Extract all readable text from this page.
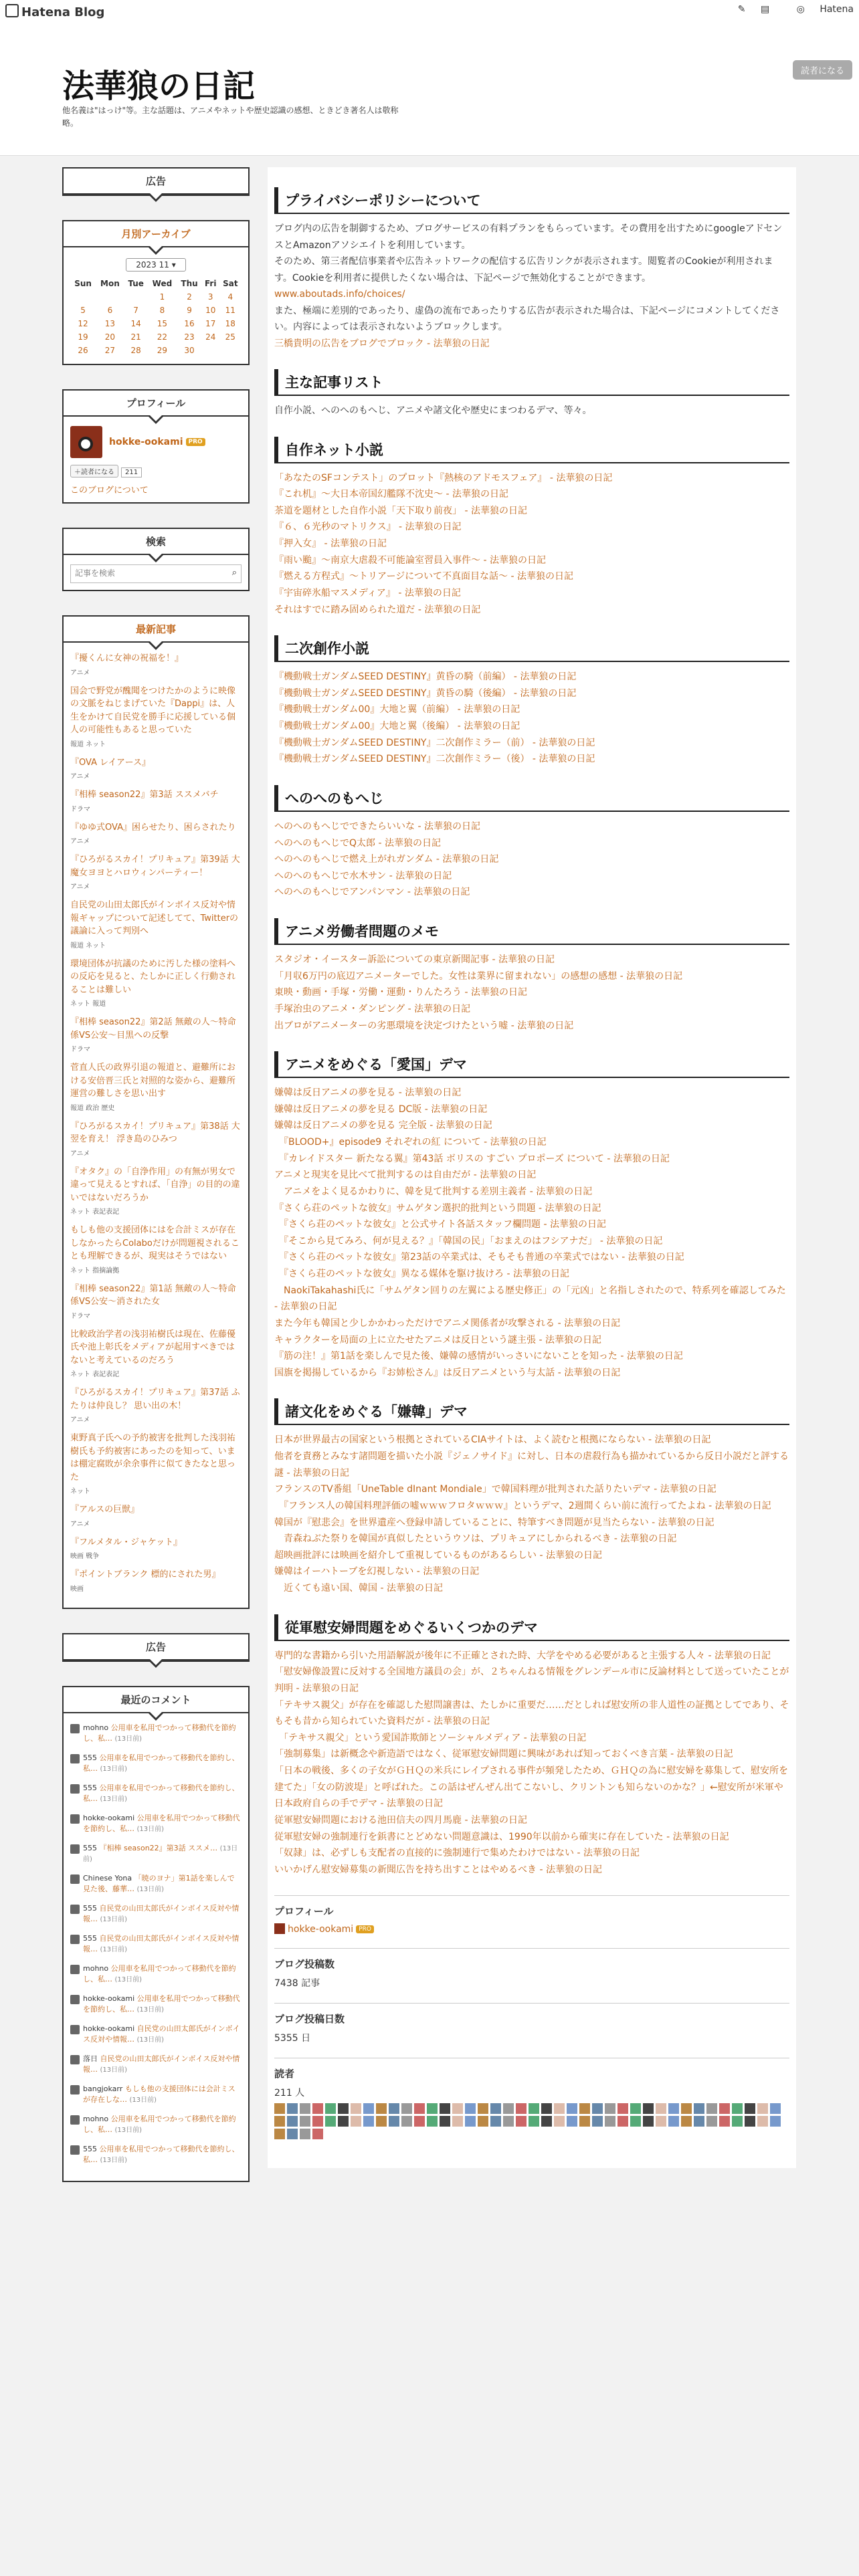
Hatena Blog	✎ ▤	◎ Hatena
法華狼の日記
他名義は"はっけ"等。主な話題は、アニメやネットや歴史認識の感想、ときどき著名人は敬称略。
読者になる
広告
月別アーカイブ
2023 11 ▾
Sun	Mon	Tue	Wed	Thu	Fri	Sat
			1	2	3	4
5	6	7	8	9	10	11
12	13	14	15	16	17	18
19	20	21	22	23	24	25
26	27	28	29	30		
プロフィール
hokke-ookami PRO
＋読者になる 211
このブログについて
検索
記事を検索
⌕
最新記事
『擾くんに女神の祝福を！』
アニメ
国会で野党が醜聞をつけたかのように映像の文脈をねじまげていた『Dappi』は、人生をかけて自民党を勝手に応援している個人の可能性もあると思っていた
報道 ネット
『OVA レイアース』
アニメ
『相棒 season22』第3話 ススメバチ
ドラマ
『ゆゆ式OVA』困らせたり、困らされたり
アニメ
『ひろがるスカイ！プリキュア』第39話 大魔女ヨヨとハロウィンパーティー！
アニメ
自民党の山田太郎氏がインボイス反対や情報ギャップについて記述してて、Twitterの議論に入って判別へ
報道 ネット
環境団体が抗議のために汚した様の塗料への反応を見ると、たしかに正しく行動されることは難しい
ネット 報道
『相棒 season22』第2話 無敵の人～特命係VS公安～目黒への反撃
ドラマ
菅直人氏の政界引退の報道と、避難所における安倍晋三氏と対照的な姿から、避難所運営の難しさを思い出す
報道 政治 歴史
『ひろがるスカイ！プリキュア』第38話 大翌を育え！ 浮き島のひみつ
アニメ
『オタク』の「自浄作用」の有無が男女で違って見えるとすれば、「自浄」の目的の違いではないだろうか
ネット 表記表記
もしも他の支援団体にはを合計ミスが存在しなかったらColaboだけが問題視されることも理解できるが、現実はそうではない
ネット 指摘論拠
『相棒 season22』第1話 無敵の人～特命係VS公安～消された女
ドラマ
比較政治学者の浅羽祐樹氏は現在、佐藤優氏や池上彰氏をメディアが起用すべきではないと考えているのだろう
ネット 表記表記
『ひろがるスカイ！プリキュア』第37話 ふたりは仲良し？ 思い出の木！
アニメ
東野真子氏への予約被害を批判した浅羽祐樹氏も予約被害にあったのを知って、いまは棚定腐敗が余余事件に似てきたなと思った
ネット
『アルスの巨獣』
アニメ
『フルメタル・ジャケット』
映画 戦争
『ポイントブランク 標的にされた男』
映画
広告
最近のコメント
mohno 公用車を私用でつかって移動代を節約し、私… (13日前)
555 公用車を私用でつかって移動代を節約し、私… (13日前)
555 公用車を私用でつかって移動代を節約し、私… (13日前)
hokke-ookami 公用車を私用でつかって移動代を節約し、私… (13日前)
555 『相棒 season22』第3話 ススメ… (13日前)
Chinese Yona 「暁のヨナ」第1話を楽しんで見た後、藤華… (13日前)
555 自民党の山田太郎氏がインボイス反対や情報… (13日前)
555 自民党の山田太郎氏がインボイス反対や情報… (13日前)
mohno 公用車を私用でつかって移動代を節約し、私… (13日前)
hokke-ookami 公用車を私用でつかって移動代を節約し、私… (13日前)
hokke-ookami 自民党の山田太郎氏がインボイス反対や情報… (13日前)
落日 自民党の山田太郎氏がインボイス反対や情報… (13日前)
bangjokarr もしも他の支援団体には会計ミスが存在しな… (13日前)
mohno 公用車を私用でつかって移動代を節約し、私… (13日前)
555 公用車を私用でつかって移動代を節約し、私… (13日前)
プライバシーポリシーについて
ブログ内の広告を制御するため、ブログサービスの有料プランをもらっています。その費用を出すためにgoogleアドセンスとAmazonアソシエイトを利用しています。
そのため、第三者配信事業者や広告ネットワークの配信する広告リンクが表示されます。閲覧者のCookieが利用されます。Cookieを利用者に提供したくない場合は、下記ページで無効化することができます。
www.aboutads.info/choices/
また、極端に差別的であったり、虚偽の流布であったりする広告が表示された場合は、下記ページにコメントしてください。内容によっては表示されないようブロックします。
三橋貴明の広告をブログでブロック - 法華狼の日記
主な記事リスト
自作小説、へのへのもへじ、アニメや諸文化や歴史にまつわるデマ、等々。
自作ネット小説
「あなたのSFコンテスト」のプロット『熱核のアドモスフェア』 - 法華狼の日記
『これ机』～大日本帝国幻艦隊不沈史～ - 法華狼の日記
茶道を題材とした自作小説「天下取り前夜」 - 法華狼の日記
『６、６光秒のマトリクス』 - 法華狼の日記
『押入女』 - 法華狼の日記
『雨い颱』～南京大虐殺不可能論室習員入事件～ - 法華狼の日記
『燃える方程式』～トリアージについて不真面目な話～ - 法華狼の日記
『宇宙碎氷船マスメディア』 - 法華狼の日記
それはすでに踏み固められた道だ - 法華狼の日記
二次創作小説
『機動戦士ガンダムSEED DESTINY』黄昏の騎（前編） - 法華狼の日記
『機動戦士ガンダムSEED DESTINY』黄昏の騎（後編） - 法華狼の日記
『機動戦士ガンダム00』大地と翼（前編） - 法華狼の日記
『機動戦士ガンダム00』大地と翼（後編） - 法華狼の日記
『機動戦士ガンダムSEED DESTINY』二次創作ミラー（前） - 法華狼の日記
『機動戦士ガンダムSEED DESTINY』二次創作ミラー（後） - 法華狼の日記
へのへのもへじ
へのへのもへじでできたらいいな - 法華狼の日記
へのへのもへじでQ太郎 - 法華狼の日記
へのへのもへじで燃え上がれガンダム - 法華狼の日記
へのへのもへじで水木サン - 法華狼の日記
へのへのもへじでアンパンマン - 法華狼の日記
アニメ労働者問題のメモ
スタジオ・イースター訴訟についての東京新聞記事 - 法華狼の日記
「月収6万円の底辺アニメーターでした。女性は業界に留まれない」の感想の感想 - 法華狼の日記
東映・動画・手塚・労働・運動・りんたろう - 法華狼の日記
手塚治虫のアニメ・ダンピング - 法華狼の日記
出ブロがアニメーターの劣悪環境を決定づけたという嘘 - 法華狼の日記
アニメをめぐる「愛国」デマ
嫌韓は反日アニメの夢を見る - 法華狼の日記
嫌韓は反日アニメの夢を見る DC版 - 法華狼の日記
嫌韓は反日アニメの夢を見る 完全版 - 法華狼の日記
　『BLOOD+』episode9 それぞれの紅 について - 法華狼の日記
　『カレイドスター 新たなる翼』第43話 ボリスの すごい プロポーズ について - 法華狼の日記
アニメと現実を見比べて批判するのは自由だが - 法華狼の日記
　アニメをよく見るかわりに、韓を見て批判する差別主義者 - 法華狼の日記
『さくら荘のペットな彼女』サムゲタン選択的批判という問題 - 法華狼の日記
　『さくら荘のペットな彼女』と公式サイト各話スタッフ欄問題 - 法華狼の日記
　『そこから見てみろ、何が見える？』「韓国の民」「おまえのはフシアナだ」 - 法華狼の日記
　『さくら荘のペットな彼女』第23話の卒業式は、そもそも普通の卒業式ではない - 法華狼の日記
　『さくら荘のペットな彼女』異なる媒体を駆け抜けろ - 法華狼の日記
　NaokiTakahashi氏に「サムゲタン回りの左翼による歴史修正」の「元凶」と名指しされたので、特系列を確認してみた - 法華狼の日記
また今年も韓国と少しかかわっただけでアニメ関係者が攻撃される - 法華狼の日記
キャラクターを局面の上に立たせたアニメは反日という謎主張 - 法華狼の日記
『筋の注！』第1話を楽しんで見た後、嫌韓の感情がいっさいにないことを知った - 法華狼の日記
国旗を掲揚しているから『お姉松さん』は反日アニメという与太話 - 法華狼の日記
諸文化をめぐる「嫌韓」デマ
日本が世界最古の国家という根拠とされているCIAサイトは、よく読むと根拠にならない - 法華狼の日記
他者を責務とみなす諸問題を描いた小説『ジェノサイド』に対し、日本の虐殺行為も描かれているから反日小説だと評する謎 - 法華狼の日記
フランスのTV番組「UneTable dInant Mondiale」で韓国料理が批判された話りたいデマ - 法華狼の日記
　『フランス人の韓国料理評価の嘘ｗｗｗフロタｗｗｗ』というデマ、2週間くらい前に流行ってたよね - 法華狼の日記
韓国が『慰悲会』を世界遺産へ登録申請していることに、特筆すべき問題が見当たらない - 法華狼の日記
　青森ねぶた祭りを韓国が真似したというウソは、プリキュアにしかられるべき - 法華狼の日記
超映画批評には映画を紹介して重視しているものがあるらしい - 法華狼の日記
嫌韓はイーハトーブを幻視しない - 法華狼の日記
　近くても遠い国、韓国 - 法華狼の日記
従軍慰安婦問題をめぐるいくつかのデマ
専門的な書籍から引いた用語解説が後年に不正確とされた時、大学をやめる必要があると主張する人々 - 法華狼の日記
「慰安婦像設置に反対する全国地方議員の会」が、２ちゃんねる情報をグレンデール市に反論材料として送っていたことが判明 - 法華狼の日記
「テキサス親父」が存在を確認した慰問譲書は、たしかに重要だ……だとしれば慰安所の非人道性の証拠としてであり、そもそも昔から知られていた資料だが - 法華狼の日記
　「テキサス親父」という愛国詐欺師とソーシャルメディア - 法華狼の日記
「強制募集」は新概念や新造語ではなく、従軍慰安婦問題に興味があれば知っておくべき言葉 - 法華狼の日記
「日本の戦後、多くの子女がＧＨＱの米兵にレイプされる事件が頻発したため、ＧＨＱの為に慰安婦を募集して、慰安所を建てた」「女の防波堤」と呼ばれた。この話はぜんぜん出てこないし、クリントンも知らないのかな？」←慰安所が米軍や日本政府自らの手でデマ - 法華狼の日記
従軍慰安婦問題における池田信夫の四月馬鹿 - 法華狼の日記
従軍慰安婦の強制連行を鋲書にとどめない問題意識は、1990年以前から確実に存在していた - 法華狼の日記
「奴隷」は、必ずしも支配者の直接的に強制連行で集めたわけではない - 法華狼の日記
いいかげん慰安婦募集の新聞広告を持ち出すことはやめるべき - 法華狼の日記
プロフィール
hokke-ookami PRO
ブログ投稿数
7438 記事
ブログ投稿日数
5355 日
読者
211 人
